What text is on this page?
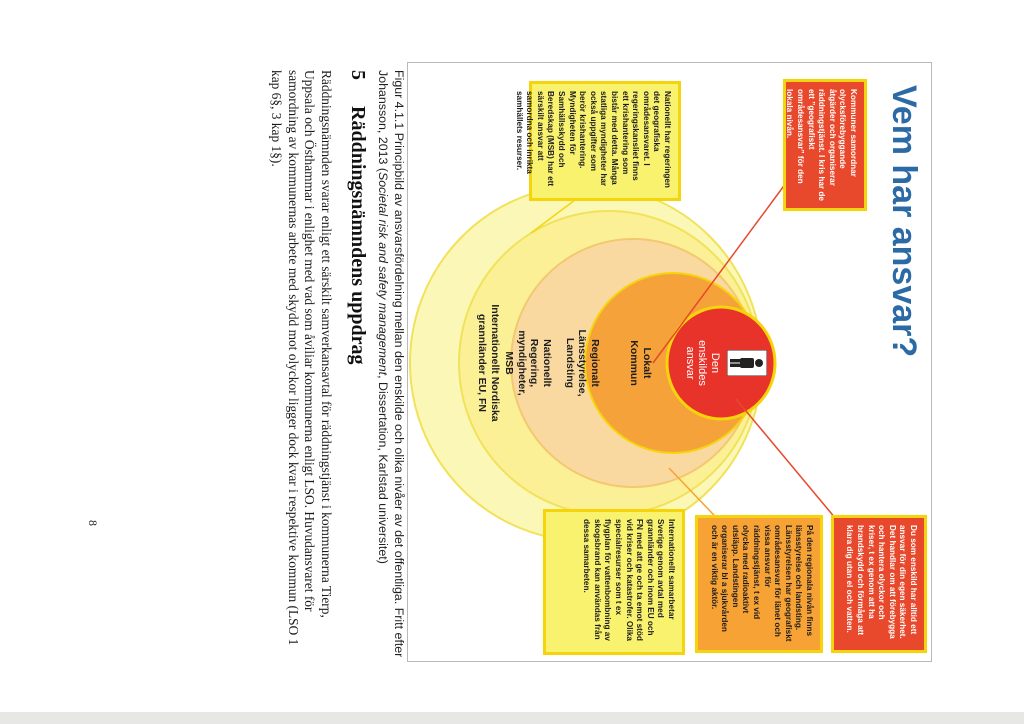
Vem har ansvar?
Den enskildes ansvar
Lokalt Kommun
Regionalt Länsstyrelse, Landsting
Nationellt Regering, myndigheter, MSB
Internationellt Nordiska grannländer EU, FN
Kommuner samordnar olycksförebyggande åtgärder och organiserar räddningstjänst. I kris har de ett ”geografiskt områdesansvar” för den lokala nivån.
Nationellt har regeringen det geografiska områdesansvaret. I regeringskansliet finns ett krishantering som bistår med detta. Många statliga myndigheter har också uppgifter som berör krishantering. Myndigheten för Samhällsskydd och Beredskap (MSB) har ett särskilt ansvar att samordna och inrikta samhällets resurser.
Du som enskild har alltid ett ansvar för din egen säkerhet. Det handlar om att förebygga och hantera olyckor och kriser, t ex genom att ha brandskydd och förmåga att klara dig utan el och vatten.
På den regionala nivån finns länsstyrelse och landsting. Länsstyrelsen har geografiskt områdesansvar för länet och vissa ansvar för räddningstjänst, t ex vid olycka med radioaktivt utsläpp. Landstingen organiserar bl a sjukvården och är en viktig aktör.
Internationellt samarbetar Sverige genom avtal med grannländer och inom EU och FN med att ge och ta emot stöd vid kriser och katastrofer. Olika specialresurser som t ex flygplan för vattenbombning av skogsbrand kan användas från dessa samarbeten.

Figur 4.1.1 Principbild av ansvarsfördelning mellan den enskilde och olika nivåer av det offentliga. Fritt efter Johansson, 2013 (Societal risk and safety management, Dissertation, Karlstad universitet)

5Räddningsnämndens uppdrag

Räddningsnämnden svarar enligt ett särskilt samverkansavtal för räddningstjänst i kommunerna Tierp, Uppsala och Östhammar i enlighet med vad som åviliar kommunerna enligt LSO. Huvudansvaret för samordning av kommunernas arbete med skydd mot olyckor ligger dock kvar i respektive kommun (LSO 1 kap 6§, 3 kap 1§).

8
